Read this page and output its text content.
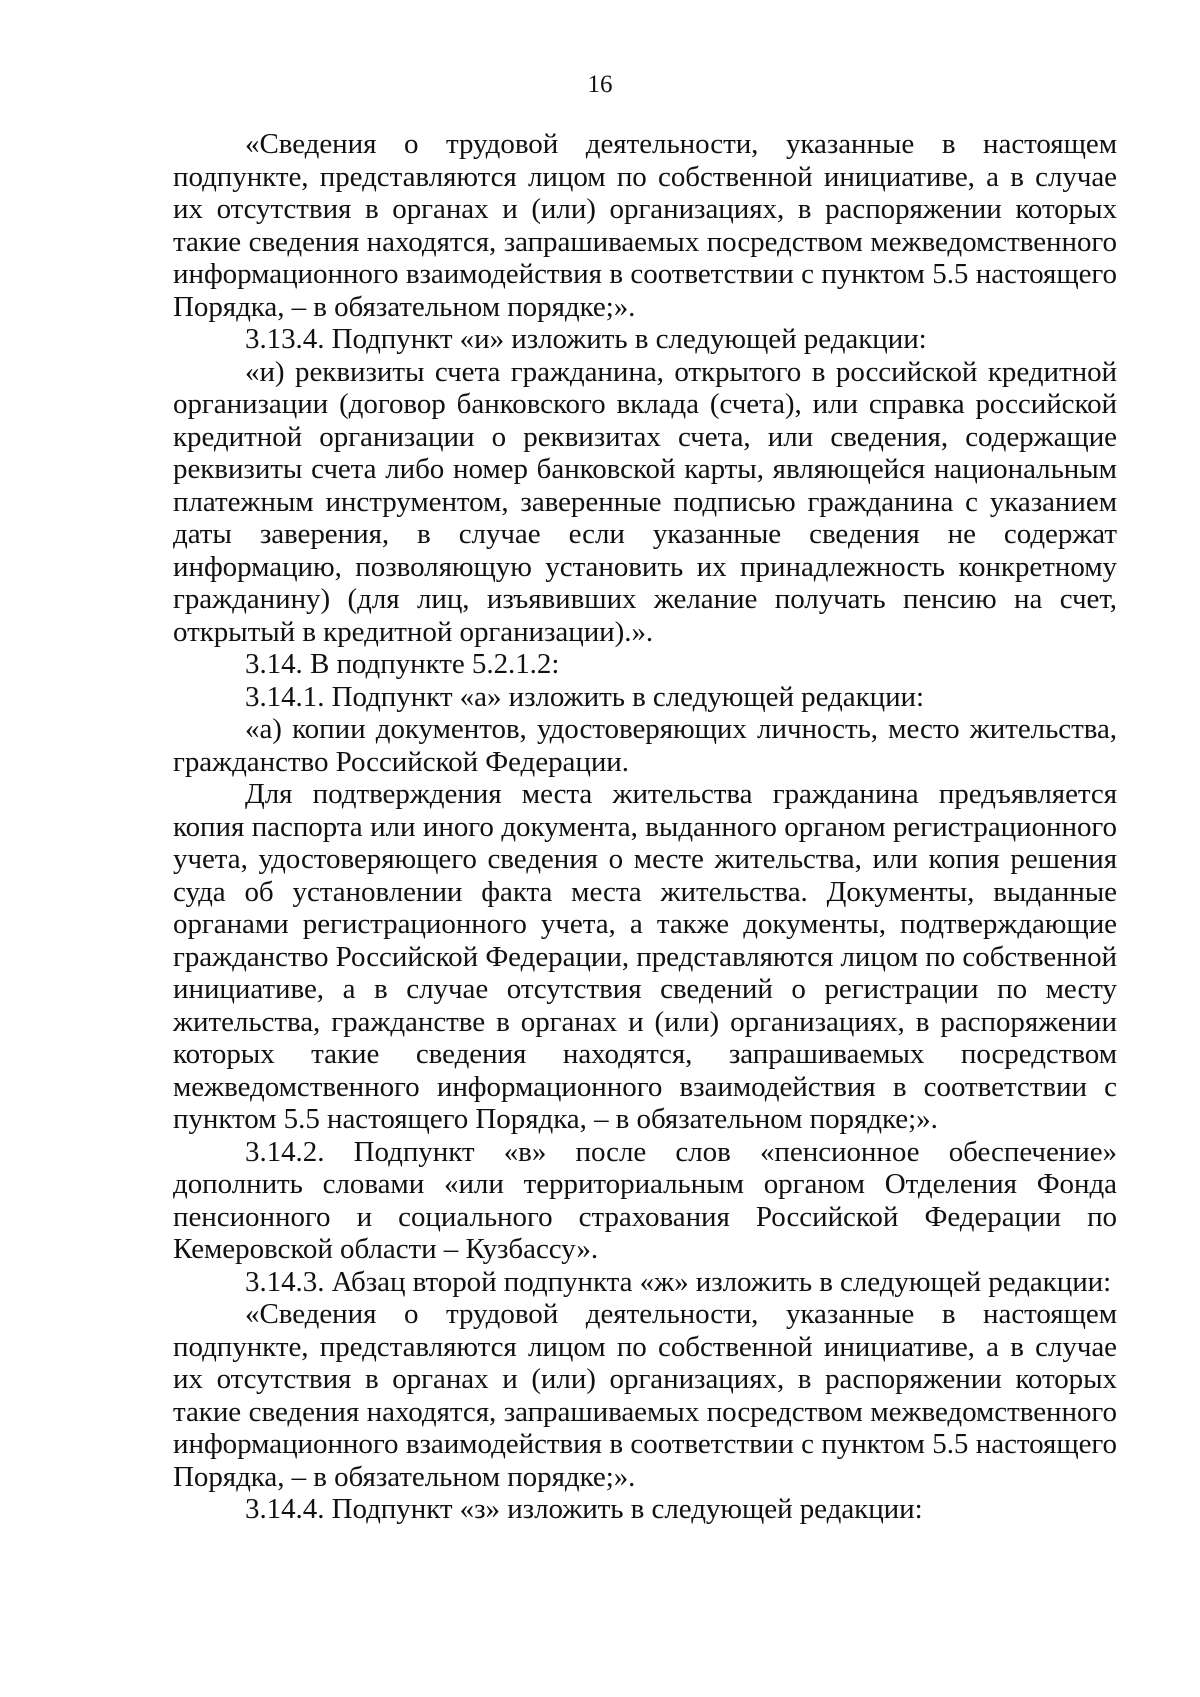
16

«Сведения о трудовой деятельности, указанные в настоящем подпункте, представляются лицом по собственной инициативе, а в случае их отсутствия в органах и (или) организациях, в распоряжении которых такие сведения находятся, запрашиваемых посредством межведомственного информационного взаимодействия в соответствии с пунктом 5.5 настоящего Порядка, – в обязательном порядке;».

3.13.4. Подпункт «и» изложить в следующей редакции:

«и) реквизиты счета гражданина, открытого в российской кредитной организации (договор банковского вклада (счета), или справка российской кредитной организации о реквизитах счета, или сведения, содержащие реквизиты счета либо номер банковской карты, являющейся национальным платежным инструментом, заверенные подписью гражданина с указанием даты заверения, в случае если указанные сведения не содержат информацию, позволяющую установить их принадлежность конкретному гражданину) (для лиц, изъявивших желание получать пенсию на счет, открытый в кредитной организации).».

3.14. В подпункте 5.2.1.2:

3.14.1. Подпункт «а» изложить в следующей редакции:

«а) копии документов, удостоверяющих личность, место жительства, гражданство Российской Федерации.

Для подтверждения места жительства гражданина предъявляется копия паспорта или иного документа, выданного органом регистрационного учета, удостоверяющего сведения о месте жительства, или копия решения суда об установлении факта места жительства. Документы, выданные органами регистрационного учета, а также документы, подтверждающие гражданство Российской Федерации, представляются лицом по собственной инициативе, а в случае отсутствия сведений о регистрации по месту жительства, гражданстве в органах и (или) организациях, в распоряжении которых такие сведения находятся, запрашиваемых посредством межведомственного информационного взаимодействия в соответствии с пунктом 5.5 настоящего Порядка, – в обязательном порядке;».

3.14.2. Подпункт «в» после слов «пенсионное обеспечение» дополнить словами «или территориальным органом Отделения Фонда пенсионного и социального страхования Российской Федерации по Кемеровской области – Кузбассу».

3.14.3. Абзац второй подпункта «ж» изложить в следующей редакции:

«Сведения о трудовой деятельности, указанные в настоящем подпункте, представляются лицом по собственной инициативе, а в случае их отсутствия в органах и (или) организациях, в распоряжении которых такие сведения находятся, запрашиваемых посредством межведомственного информационного взаимодействия в соответствии с пунктом 5.5 настоящего Порядка, – в обязательном порядке;».

3.14.4. Подпункт «з» изложить в следующей редакции:
